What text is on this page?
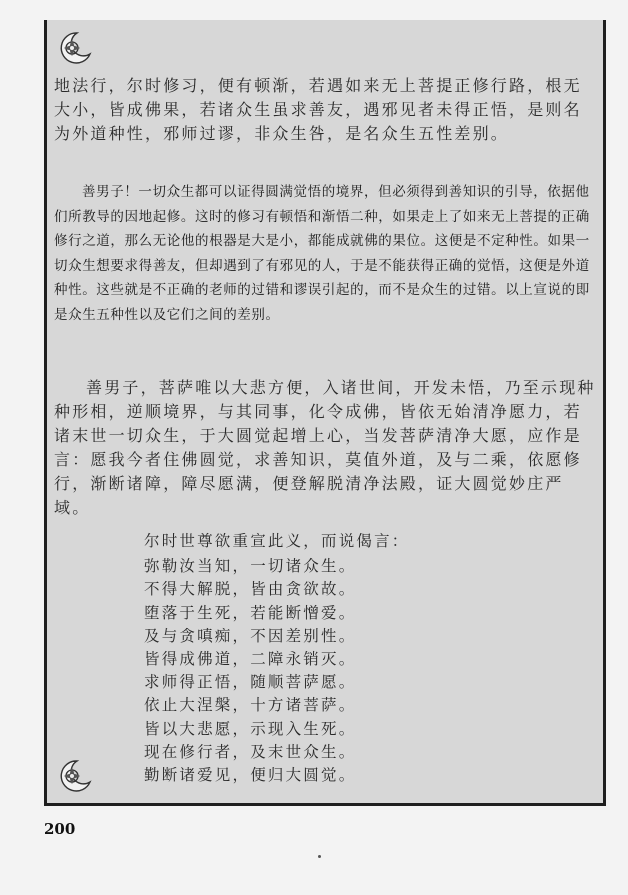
地法行，尔时修习，便有顿渐，若遇如来无上菩提正修行路，根无大小，皆成佛果，若诸众生虽求善友，遇邪见者未得正悟，是则名为外道种性，邪师过谬，非众生咎，是名众生五性差别。

善男子！一切众生都可以证得圆满觉悟的境界，但必须得到善知识的引导，依据他们所教导的因地起修。这时的修习有顿悟和渐悟二种，如果走上了如来无上菩提的正确修行之道，那么无论他的根器是大是小，都能成就佛的果位。这便是不定种性。如果一切众生想要求得善友，但却遇到了有邪见的人，于是不能获得正确的觉悟，这便是外道种性。这些就是不正确的老师的过错和谬误引起的，而不是众生的过错。以上宣说的即是众生五种性以及它们之间的差别。

善男子，菩萨唯以大悲方便，入诸世间，开发未悟，乃至示现种种形相，逆顺境界，与其同事，化令成佛，皆依无始清净愿力，若诸末世一切众生，于大圆觉起增上心，当发菩萨清净大愿，应作是言：愿我今者住佛圆觉，求善知识，莫值外道，及与二乘，依愿修行，渐断诸障，障尽愿满，便登解脱清净法殿，证大圆觉妙庄严域。

尔时世尊欲重宣此义，而说偈言：
弥勒汝当知，一切诸众生。
不得大解脱，皆由贪欲故。
堕落于生死，若能断憎爱。
及与贪嗔痴，不因差别性。
皆得成佛道，二障永销灭。
求师得正悟，随顺菩萨愿。
依止大涅槃，十方诸菩萨。
皆以大悲愿，示现入生死。
现在修行者，及末世众生。
勤断诸爱见，便归大圆觉。
200
